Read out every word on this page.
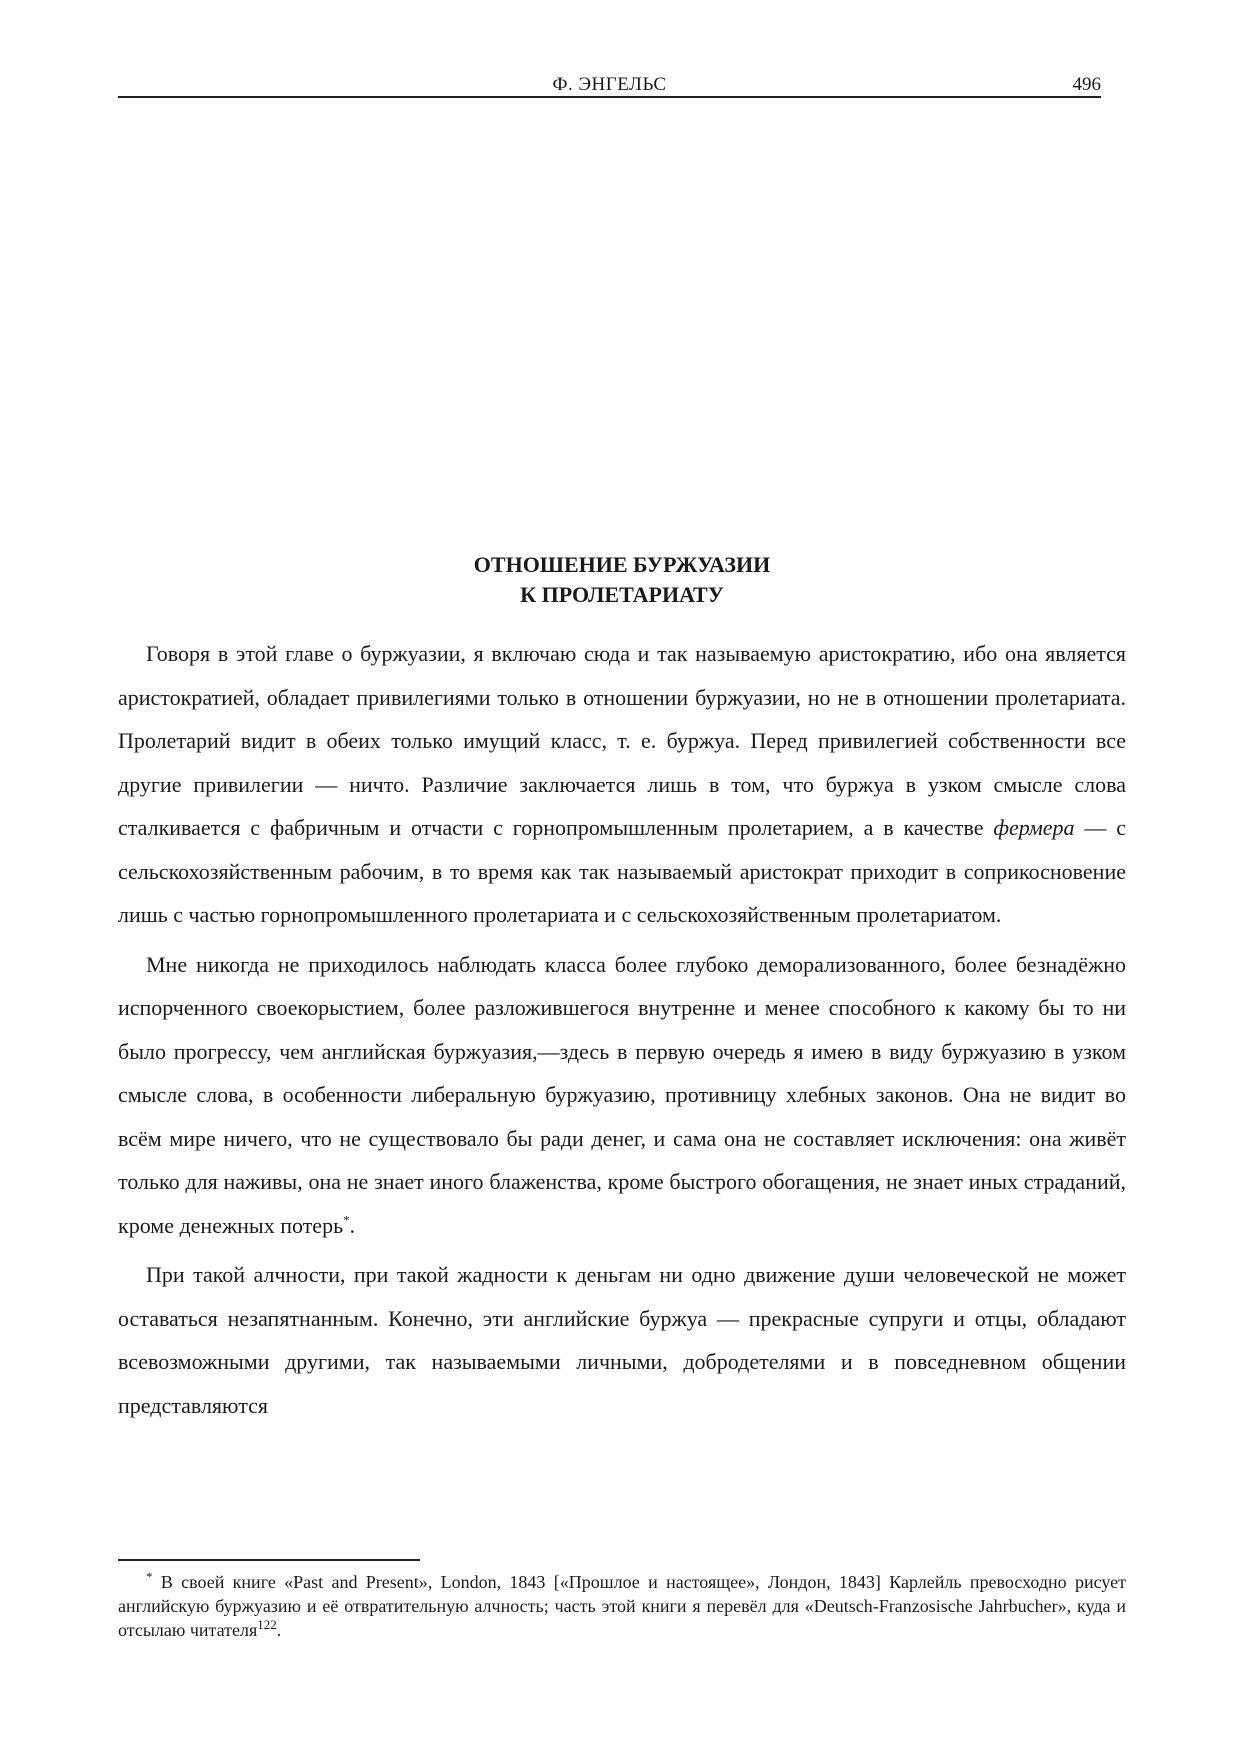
Ф. ЭНГЕЛЬС	496
ОТНОШЕНИЕ БУРЖУАЗИИ
К ПРОЛЕТАРИАТУ

Говоря в этой главе о буржуазии, я включаю сюда и так называемую аристократию, ибо она является аристократией, обладает привилегиями только в отношении буржуазии, но не в отношении пролетариата. Пролетарий видит в обеих только имущий класс, т. е. буржуа. Перед привилегией собственности все другие привилегии — ничто. Различие заключается лишь в том, что буржуа в узком смысле слова сталкивается с фабричным и отчасти с горнопромышленным пролетарием, а в качестве фермера — с сельскохозяйственным рабочим, в то время как так называемый аристократ приходит в соприкосновение лишь с частью горнопромышленного пролетариата и с сельскохозяйственным пролетариатом.

Мне никогда не приходилось наблюдать класса более глубоко деморализованного, более безнадёжно испорченного своекорыстием, более разложившегося внутренне и менее способного к какому бы то ни было прогрессу, чем английская буржуазия,—здесь в первую очередь я имею в виду буржуазию в узком смысле слова, в особенности либеральную буржуазию, противницу хлебных законов. Она не видит во всём мире ничего, что не существовало бы ради денег, и сама она не составляет исключения: она живёт только для наживы, она не знает иного блаженства, кроме быстрого обогащения, не знает иных страданий, кроме денежных потерь*.

При такой алчности, при такой жадности к деньгам ни одно движение души человеческой не может оставаться незапятнанным. Конечно, эти английские буржуа — прекрасные супруги и отцы, обладают всевозможными другими, так называемыми личными, добродетелями и в повседневном общении представляются

* В своей книге «Past and Present», London, 1843 [«Прошлое и настоящее», Лондон, 1843] Карлейль превосходно рисует английскую буржуазию и её отвратительную алчность; часть этой книги я перевёл для «Deutsch-Franzosische Jahrbucher», куда и отсылаю читателя$^{122}$.
